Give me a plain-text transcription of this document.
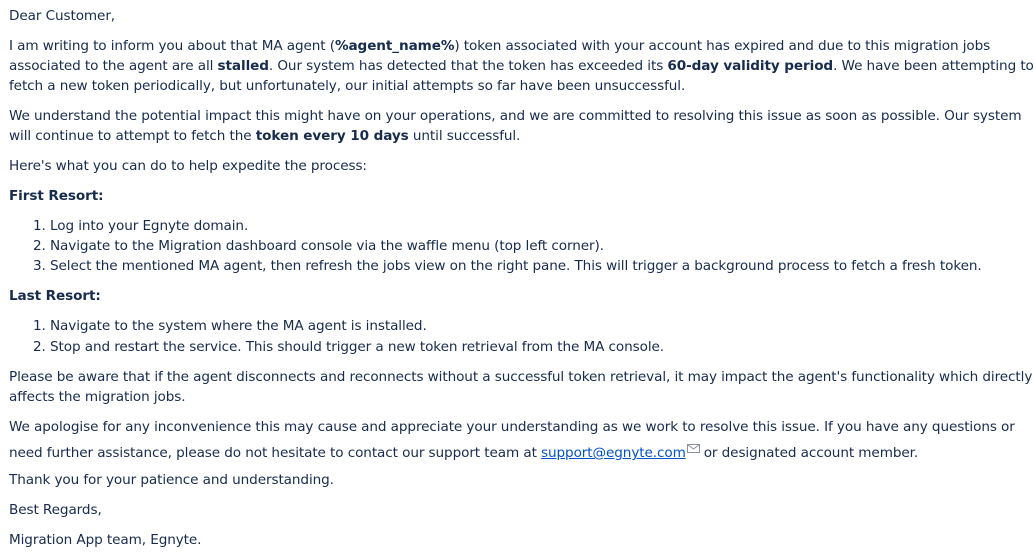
Dear Customer,
I am writing to inform you about that MA agent (%agent_name%) token associated with your account has expired and due to this migration jobs
associated to the agent are all stalled. Our system has detected that the token has exceeded its 60-day validity period. We have been attempting to
fetch a new token periodically, but unfortunately, our initial attempts so far have been unsuccessful.
We understand the potential impact this might have on your operations, and we are committed to resolving this issue as soon as possible. Our system
will continue to attempt to fetch the token every 10 days until successful.
Here's what you can do to help expedite the process:
First Resort:
1. Log into your Egnyte domain.
2. Navigate to the Migration dashboard console via the waffle menu (top left corner).
3. Select the mentioned MA agent, then refresh the jobs view on the right pane. This will trigger a background process to fetch a fresh token.
Last Resort:
1. Navigate to the system where the MA agent is installed.
2. Stop and restart the service. This should trigger a new token retrieval from the MA console.
Please be aware that if the agent disconnects and reconnects without a successful token retrieval, it may impact the agent's functionality which directly
affects the migration jobs.
We apologise for any inconvenience this may cause and appreciate your understanding as we work to resolve this issue. If you have any questions or
need further assistance, please do not hesitate to contact our support team at support@egnyte.com or designated account member.
Thank you for your patience and understanding.
Best Regards,
Migration App team, Egnyte.
